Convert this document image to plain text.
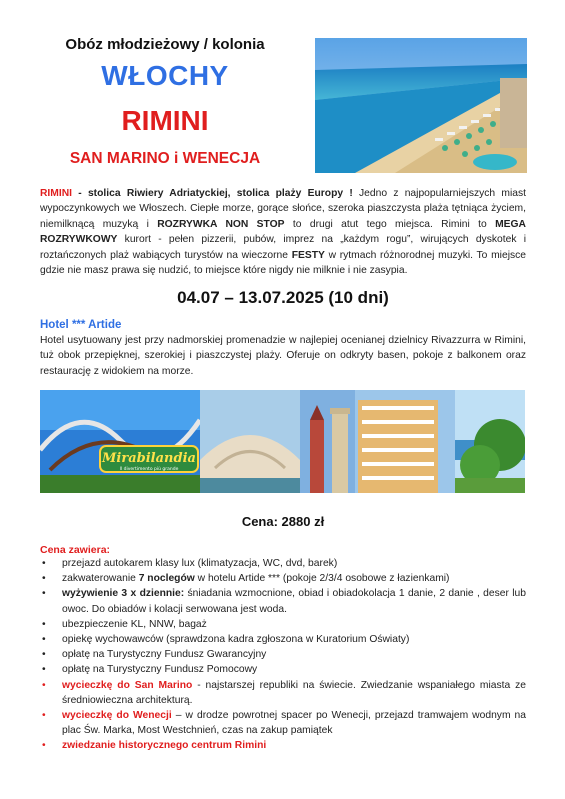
Obóz młodzieżowy / kolonia
WŁOCHY
RIMINI
SAN MARINO i WENECJA
RIMINI - stolica Riwiery Adriatyckiej, stolica plaży Europy ! Jedno z najpopularniejszych miast wypoczynkowych we Włoszech. Ciepłe morze, gorące słońce, szeroka piaszczysta plaża tętniąca życiem, niemilknącą muzyką i ROZRYWKA NON STOP to drugi atut tego miejsca. Rimini to MEGA ROZRYWKOWY kurort - pełen pizzerii, pubów, imprez na „każdym rogu”, wirujących dyskotek i roztańczonych plaż wabiących turystów na wieczorne FESTY w rytmach różnorodnej muzyki. To miejsce gdzie nie masz prawa się nudzić, to miejsce które nigdy nie milknie i nie zasypia.
04.07 – 13.07.2025 (10 dni)
Hotel *** Artide
Hotel usytuowany jest przy nadmorskiej promenadzie w najlepiej ocenianej dzielnicy Rivazzurra w Rimini, tuż obok przepięknej, szerokiej i piaszczystej plaży. Oferuje on odkryty basen, pokoje z balkonem oraz restaurację z widokiem na morze.
Mirabilandia
Il divertimento più grande
Cena: 2880 zł
Cena zawiera:
• przejazd autokarem klasy lux (klimatyzacja, WC, dvd, barek)
• zakwaterowanie 7 noclegów w hotelu Artide *** (pokoje 2/3/4 osobowe z łazienkami)
• wyżywienie 3 x dziennie: śniadania wzmocnione, obiad i obiadokolacja 1 danie, 2 danie , deser lub owoc. Do obiadów i kolacji serwowana jest woda.
• ubezpieczenie KL, NNW, bagaż
• opiekę wychowawców (sprawdzona kadra zgłoszona w Kuratorium Oświaty)
• opłatę na Turystyczny Fundusz Gwarancyjny
• opłatę na Turystyczny Fundusz Pomocowy
• wycieczkę do San Marino - najstarszej republiki na świecie. Zwiedzanie wspaniałego miasta ze średniowieczna architekturą.
• wycieczkę do Wenecji – w drodze powrotnej spacer po Wenecji, przejazd tramwajem wodnym na plac Św. Marka, Most Westchnień, czas na zakup pamiątek
• zwiedzanie historycznego centrum Rimini
